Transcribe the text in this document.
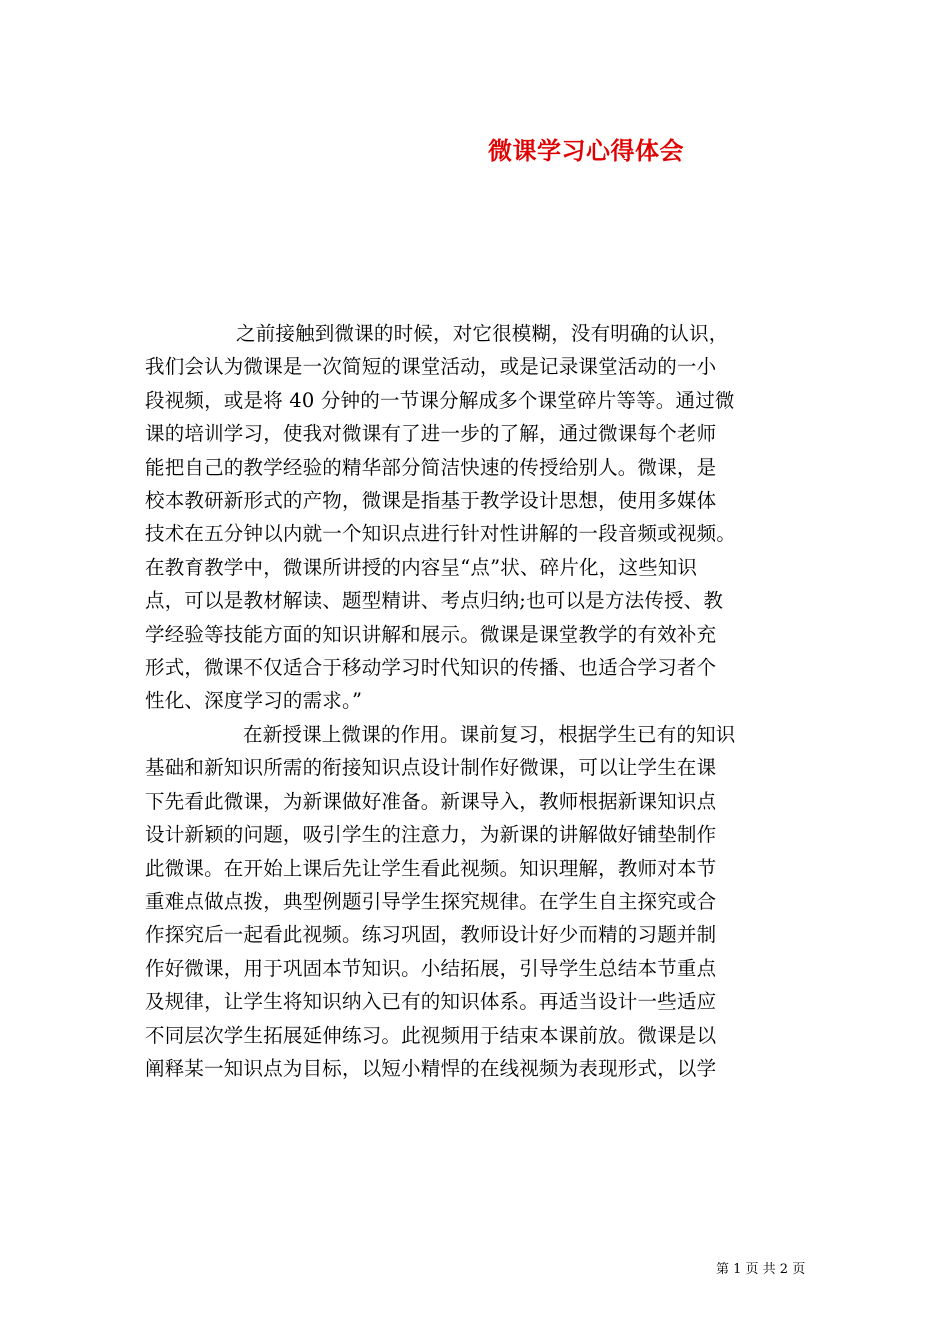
微课学习心得体会

之前接触到微课的时候，对它很模糊，没有明确的认识，
我们会认为微课是一次简短的课堂活动，或是记录课堂活动的一小
段视频，或是将 40 分钟的一节课分解成多个课堂碎片等等。通过微
课的培训学习，使我对微课有了进一步的了解，通过微课每个老师
能把自己的教学经验的精华部分简洁快速的传授给别人。微课，是
校本教研新形式的产物，微课是指基于教学设计思想，使用多媒体
技术在五分钟以内就一个知识点进行针对性讲解的一段音频或视频。
在教育教学中，微课所讲授的内容呈“点”状、碎片化，这些知识
点，可以是教材解读、题型精讲、考点归纳;也可以是方法传授、教
学经验等技能方面的知识讲解和展示。微课是课堂教学的有效补充
形式，微课不仅适合于移动学习时代知识的传播、也适合学习者个
性化、深度学习的需求。”

在新授课上微课的作用。课前复习，根据学生已有的知识
基础和新知识所需的衔接知识点设计制作好微课，可以让学生在课
下先看此微课，为新课做好准备。新课导入，教师根据新课知识点
设计新颖的问题，吸引学生的注意力，为新课的讲解做好铺垫制作
此微课。在开始上课后先让学生看此视频。知识理解，教师对本节
重难点做点拨，典型例题引导学生探究规律。在学生自主探究或合
作探究后一起看此视频。练习巩固，教师设计好少而精的习题并制
作好微课，用于巩固本节知识。小结拓展，引导学生总结本节重点
及规律，让学生将知识纳入已有的知识体系。再适当设计一些适应
不同层次学生拓展延伸练习。此视频用于结束本课前放。微课是以
阐释某一知识点为目标，以短小精悍的在线视频为表现形式，以学

第 1 页 共 2 页
